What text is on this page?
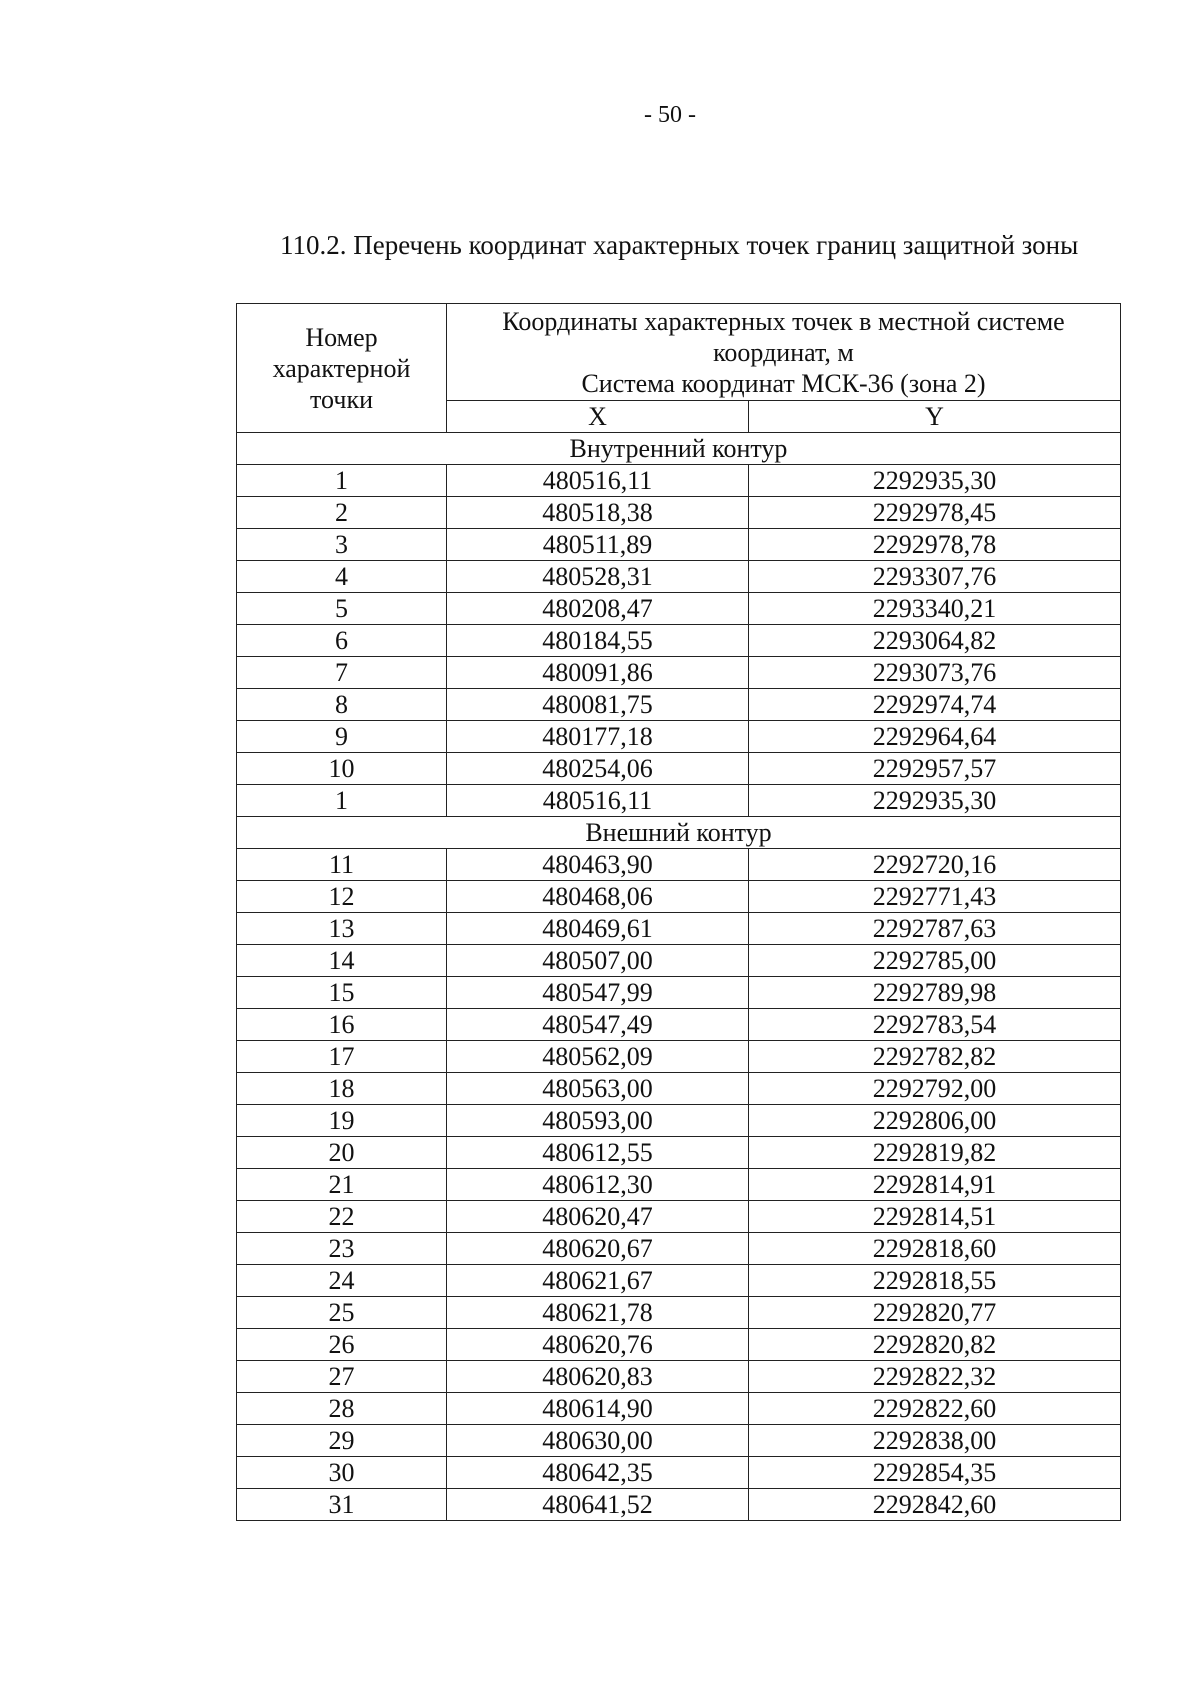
- 50 -
110.2. Перечень координат характерных точек границ защитной зоны
Номер
характерной
точки	Координаты характерных точек в местной системе
координат, м
Система координат МСК-36 (зона 2)	
	X	Y
Внутренний контур		
1	480516,11	2292935,30
2	480518,38	2292978,45
3	480511,89	2292978,78
4	480528,31	2293307,76
5	480208,47	2293340,21
6	480184,55	2293064,82
7	480091,86	2293073,76
8	480081,75	2292974,74
9	480177,18	2292964,64
10	480254,06	2292957,57
1	480516,11	2292935,30
Внешний контур		
11	480463,90	2292720,16
12	480468,06	2292771,43
13	480469,61	2292787,63
14	480507,00	2292785,00
15	480547,99	2292789,98
16	480547,49	2292783,54
17	480562,09	2292782,82
18	480563,00	2292792,00
19	480593,00	2292806,00
20	480612,55	2292819,82
21	480612,30	2292814,91
22	480620,47	2292814,51
23	480620,67	2292818,60
24	480621,67	2292818,55
25	480621,78	2292820,77
26	480620,76	2292820,82
27	480620,83	2292822,32
28	480614,90	2292822,60
29	480630,00	2292838,00
30	480642,35	2292854,35
31	480641,52	2292842,60
